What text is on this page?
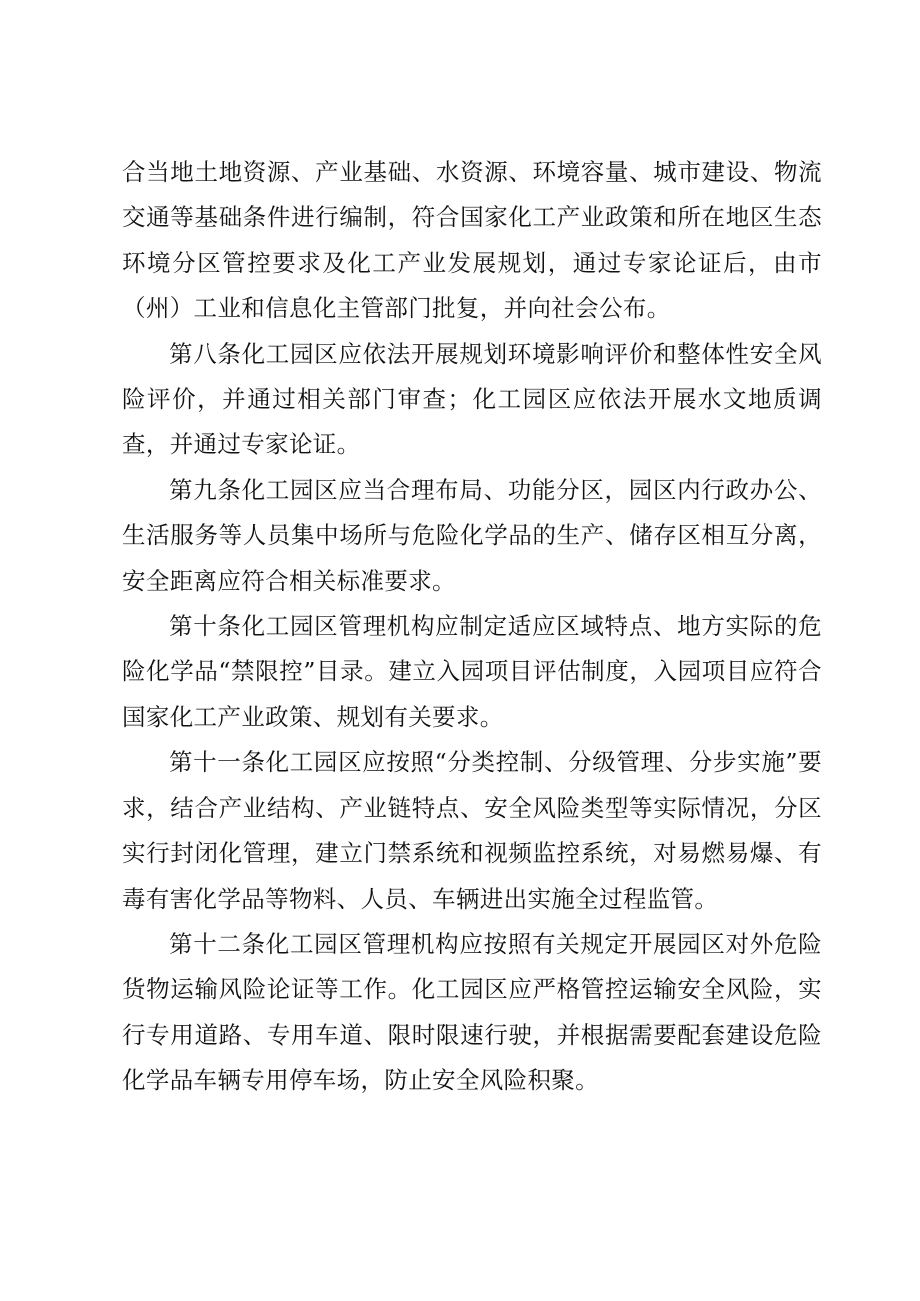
合当地土地资源、产业基础、水资源、环境容量、城市建设、物流交通等基础条件进行编制，符合国家化工产业政策和所在地区生态环境分区管控要求及化工产业发展规划，通过专家论证后，由市（州）工业和信息化主管部门批复，并向社会公布。

第八条化工园区应依法开展规划环境影响评价和整体性安全风险评价，并通过相关部门审查；化工园区应依法开展水文地质调查，并通过专家论证。

第九条化工园区应当合理布局、功能分区，园区内行政办公、生活服务等人员集中场所与危险化学品的生产、储存区相互分离，安全距离应符合相关标准要求。

第十条化工园区管理机构应制定适应区域特点、地方实际的危险化学品“禁限控”目录。建立入园项目评估制度，入园项目应符合国家化工产业政策、规划有关要求。

第十一条化工园区应按照“分类控制、分级管理、分步实施”要求，结合产业结构、产业链特点、安全风险类型等实际情况，分区实行封闭化管理，建立门禁系统和视频监控系统，对易燃易爆、有毒有害化学品等物料、人员、车辆进出实施全过程监管。

第十二条化工园区管理机构应按照有关规定开展园区对外危险货物运输风险论证等工作。化工园区应严格管控运输安全风险，实行专用道路、专用车道、限时限速行驶，并根据需要配套建设危险化学品车辆专用停车场，防止安全风险积聚。
